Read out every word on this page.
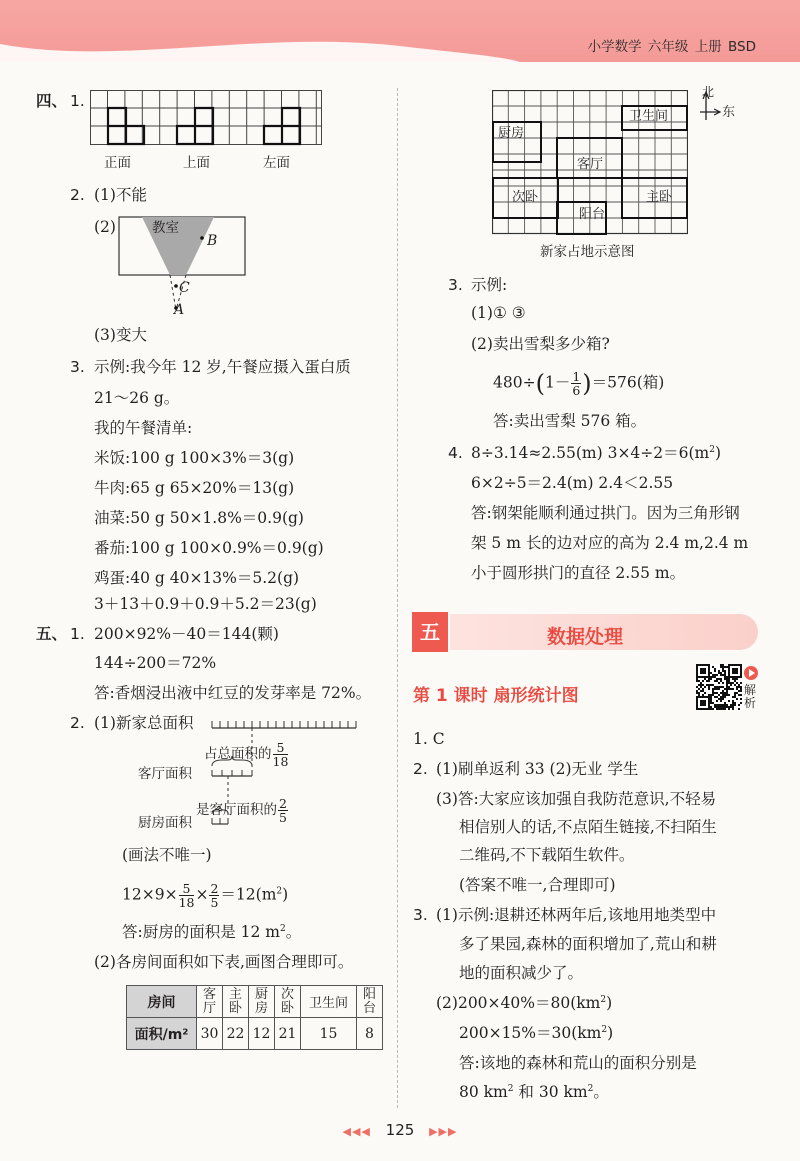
小学数学 六年级 上册 BSD
四、 1.
正面	上面	左面
2. (1)不能
(2)	教室
B
C
A
(3)变大
3. 示例:我今年 12 岁,午餐应摄入蛋白质
21～26 g。
我的午餐清单:
米饭:100 g 100×3%＝3(g)
牛肉:65 g 65×20%＝13(g)
油菜:50 g 50×1.8%＝0.9(g)
番茄:100 g 100×0.9%＝0.9(g)
鸡蛋:40 g 40×13%＝5.2(g)
3＋13＋0.9＋0.9＋5.2＝23(g)
五、 1. 200×92%－40＝144(颗)
144÷200＝72%
答:香烟浸出液中红豆的发芽率是 72%。
2. (1)新家总面积
占总面积的 $\frac{5}{18}$
客厅面积
是客厅面积的 $\frac{2}{5}$
厨房面积
(画法不唯一)
$12\times 9\times \frac{5}{18} \times \frac{2}{5} =12(m^2)$
答:厨房的面积是 12 $m^2$。
(2)各房间面积如下表,画图合理即可。
房间	客厅	主卧	厨房	次卧	卫生间	阳台
面积/m²	30	22	12	21	15	8
卫生间
厨房
客厅
次卧	主卧
阳台
北
东
新家占地示意图
3. 示例:
(1)① ③
(2)卖出雪梨多少箱?
$480\div(1- \frac{1}{6} )=576$(箱)
答:卖出雪梨 576 箱。
4. 8÷3.14≈2.55(m) $3\times 4\div 2=6(m^2)$
6×2÷5＝2.4(m) 2.4＜2.55
答:钢架能顺利通过拱门。因为三角形钢
架 5 m 长的边对应的高为 2.4 m,2.4 m
小于圆形拱门的直径 2.55 m。
五	数据处理
第 1 课时 扇形统计图	解析
1. C
2. (1)刷单返利 33 (2)无业 学生
(3)答:大家应该加强自我防范意识,不轻易
相信别人的话,不点陌生链接,不扫陌生
二维码,不下载陌生软件。
(答案不唯一,合理即可)
3. (1)示例:退耕还林两年后,该地用地类型中
多了果园,森林的面积增加了,荒山和耕
地的面积减少了。
$(2)200\times 40\%=80(km^2)$
$200\times 15\%=30(km^2)$
答:该地的森林和荒山的面积分别是
80 $km^2$ 和 30 $km^2$。
◀◀◀ 125 ▶▶▶
